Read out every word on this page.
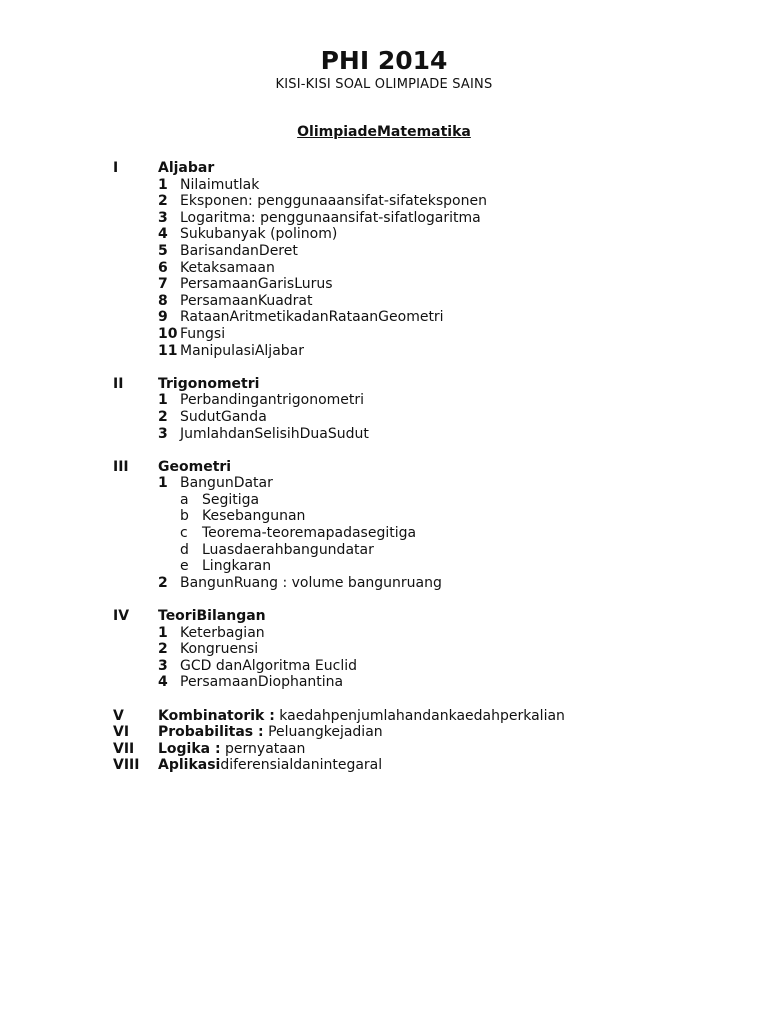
PHI 2014
KISI-KISI SOAL OLIMPIADE SAINS
OlimpiadeMatematika
I	Aljabar
1 Nilaimutlak
2 Eksponen: penggunaaansifat-sifateksponen
3 Logaritma: penggunaansifat-sifatlogaritma
4 Sukubanyak (polinom)
5 BarisandanDeret
6 Ketaksamaan
7 PersamaanGarisLurus
8 PersamaanKuadrat
9 RataanAritmetikadanRataanGeometri
10 Fungsi
11 ManipulasiAljabar
II	Trigonometri
1 Perbandingantrigonometri
2 SudutGanda
3 JumlahdanSelisihDuaSudut
III	Geometri
1 BangunDatar
a Segitiga
b Kesebangunan
c	Teorema-teoremapadasegitiga
d Luasdaerahbangundatar
e Lingkaran
2 BangunRuang : volume bangunruang
IV	TeoriBilangan
1 Keterbagian
2 Kongruensi
3 GCD danAlgoritma Euclid
4 PersamaanDiophantina
V	Kombinatorik : kaedahpenjumlahandankaedahperkalian
VI	Probabilitas : Peluangkejadian
VII	Logika : pernyataan
VIII	Aplikasi diferensialdanintegaral
